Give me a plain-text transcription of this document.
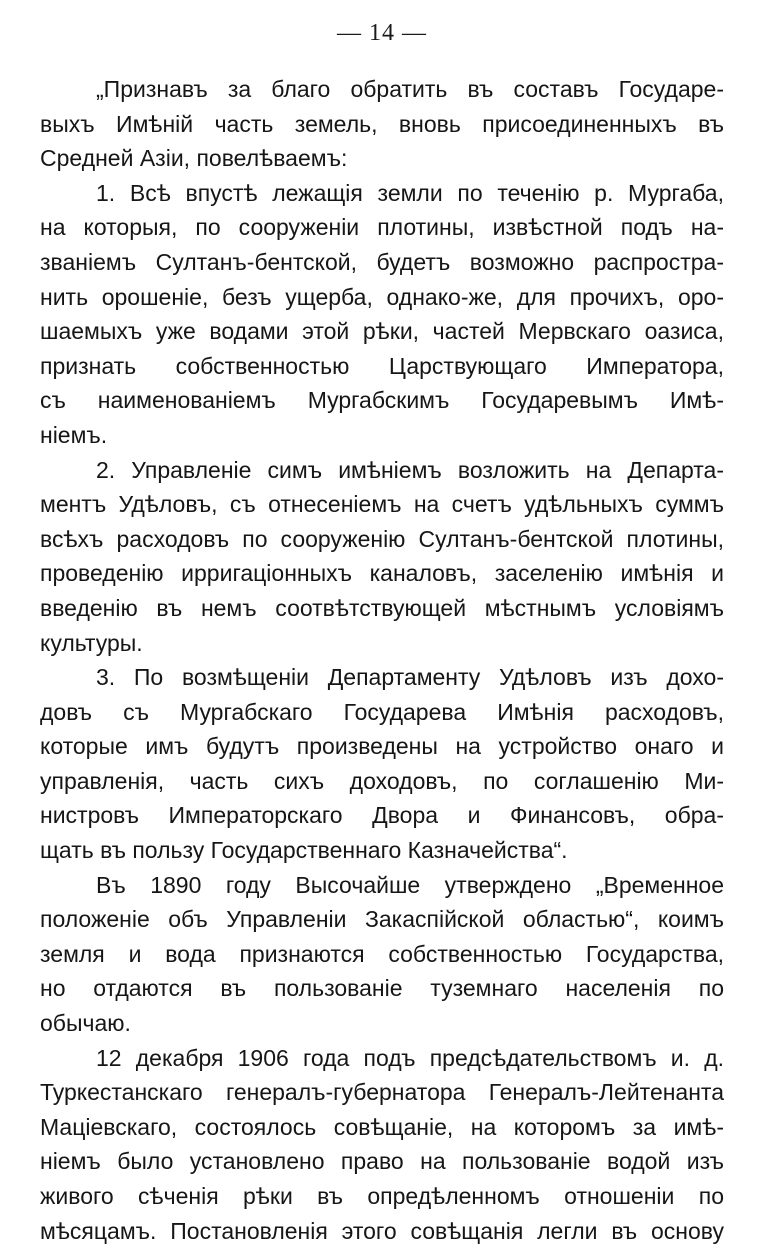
— 14 —
„Признавъ за благо обратить въ составъ Государе-
выхъ Имѣній часть земель, вновь присоединенныхъ въ
Средней Азіи, повелѣваемъ:
1. Всѣ впустѣ лежащія земли по теченію р. Мургаба,
на которыя, по сооруженіи плотины, извѣстной подъ на-
званіемъ Султанъ-бентской, будетъ возможно распростра-
нить орошеніе, безъ ущерба, однако-же, для прочихъ, оро-
шаемыхъ уже водами этой рѣки, частей Мервскаго оазиса,
признать собственностью Царствующаго Императора,
съ наименованіемъ Мургабскимъ Государевымъ Имѣ-
ніемъ.
2. Управленіе симъ имѣніемъ возложить на Департа-
ментъ Удѣловъ, съ отнесеніемъ на счетъ удѣльныхъ суммъ
всѣхъ расходовъ по сооруженію Султанъ-бентской плотины,
проведенію ирригаціонныхъ каналовъ, заселенію имѣнія и
введенію въ немъ соотвѣтствующей мѣстнымъ условіямъ
культуры.
3. По возмѣщеніи Департаменту Удѣловъ изъ дохо-
довъ съ Мургабскаго Государева Имѣнія расходовъ,
которые имъ будутъ произведены на устройство онаго и
управленія, часть сихъ доходовъ, по соглашенію Ми-
нистровъ Императорскаго Двора и Финансовъ, обра-
щать въ пользу Государственнаго Казначейства“.
Въ 1890 году Высочайше утверждено „Временное
положеніе объ Управленіи Закаспійской областью“, коимъ
земля и вода признаются собственностью Государства,
но отдаются въ пользованіе туземнаго населенія по
обычаю.
12 декабря 1906 года подъ предсѣдательствомъ и. д.
Туркестанскаго генералъ-губернатора Генералъ-Лейтенанта
Маціевскаго, состоялось совѣщаніе, на которомъ за имѣ-
ніемъ было установлено право на пользованіе водой изъ
живого сѣченія рѣки въ опредѣленномъ отношеніи по
мѣсяцамъ. Постановленія этого совѣщанія легли въ основу
